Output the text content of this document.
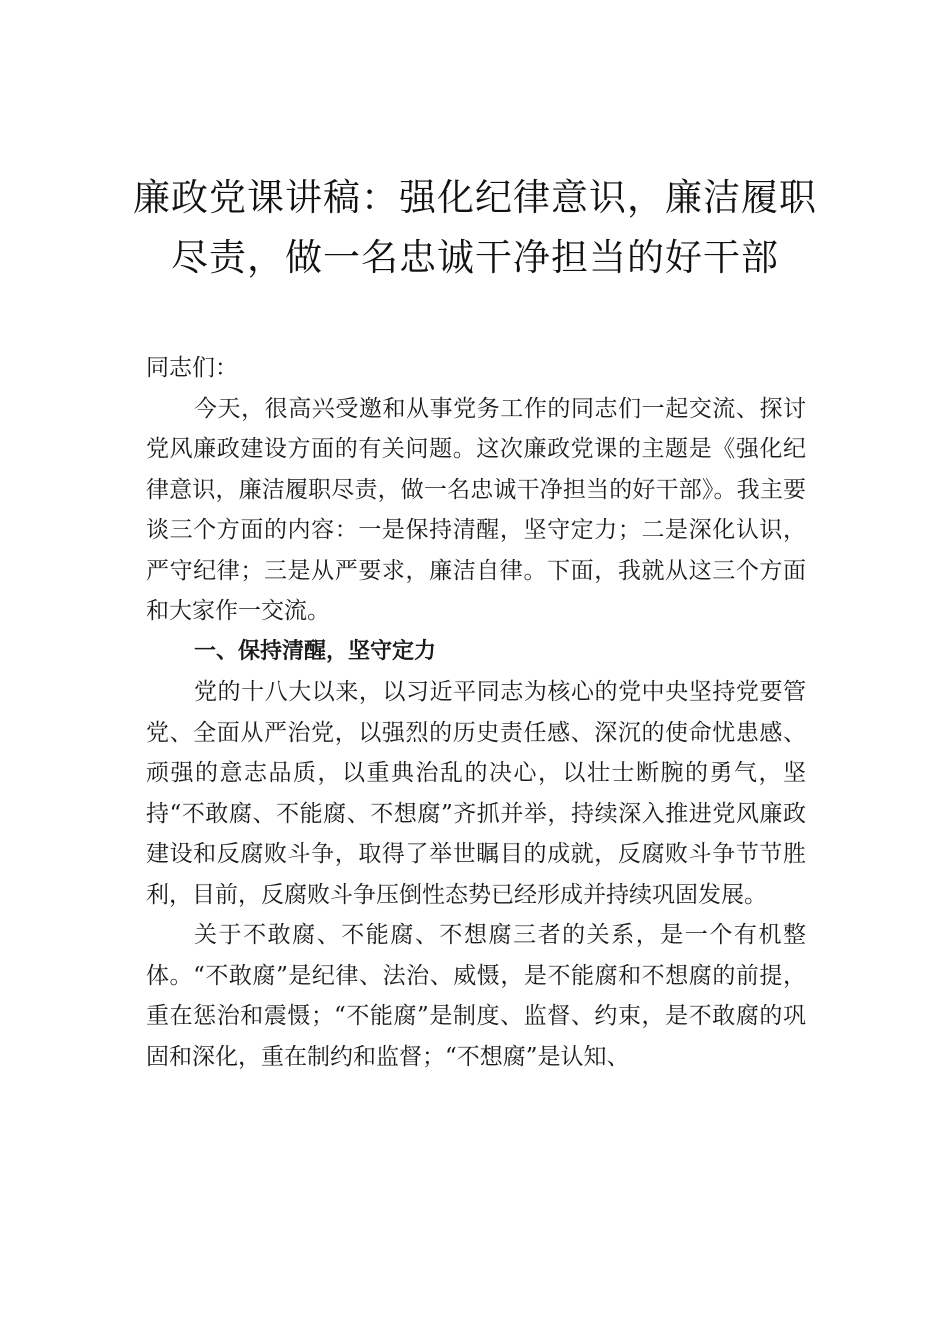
廉政党课讲稿：强化纪律意识，廉洁履职
尽责，做一名忠诚干净担当的好干部

同志们：

今天，很高兴受邀和从事党务工作的同志们一起交流、探讨党风廉政建设方面的有关问题。这次廉政党课的主题是《强化纪律意识，廉洁履职尽责，做一名忠诚干净担当的好干部》。我主要谈三个方面的内容：一是保持清醒，坚守定力；二是深化认识，严守纪律；三是从严要求，廉洁自律。下面，我就从这三个方面和大家作一交流。

一、保持清醒，坚守定力

党的十八大以来，以习近平同志为核心的党中央坚持党要管党、全面从严治党，以强烈的历史责任感、深沉的使命忧患感、顽强的意志品质，以重典治乱的决心，以壮士断腕的勇气，坚持“不敢腐、不能腐、不想腐”齐抓并举，持续深入推进党风廉政建设和反腐败斗争，取得了举世瞩目的成就，反腐败斗争节节胜利，目前，反腐败斗争压倒性态势已经形成并持续巩固发展。

关于不敢腐、不能腐、不想腐三者的关系，是一个有机整体。“不敢腐”是纪律、法治、威慑，是不能腐和不想腐的前提，重在惩治和震慑；“不能腐”是制度、监督、约束，是不敢腐的巩固和深化，重在制约和监督；“不想腐”是认知、
